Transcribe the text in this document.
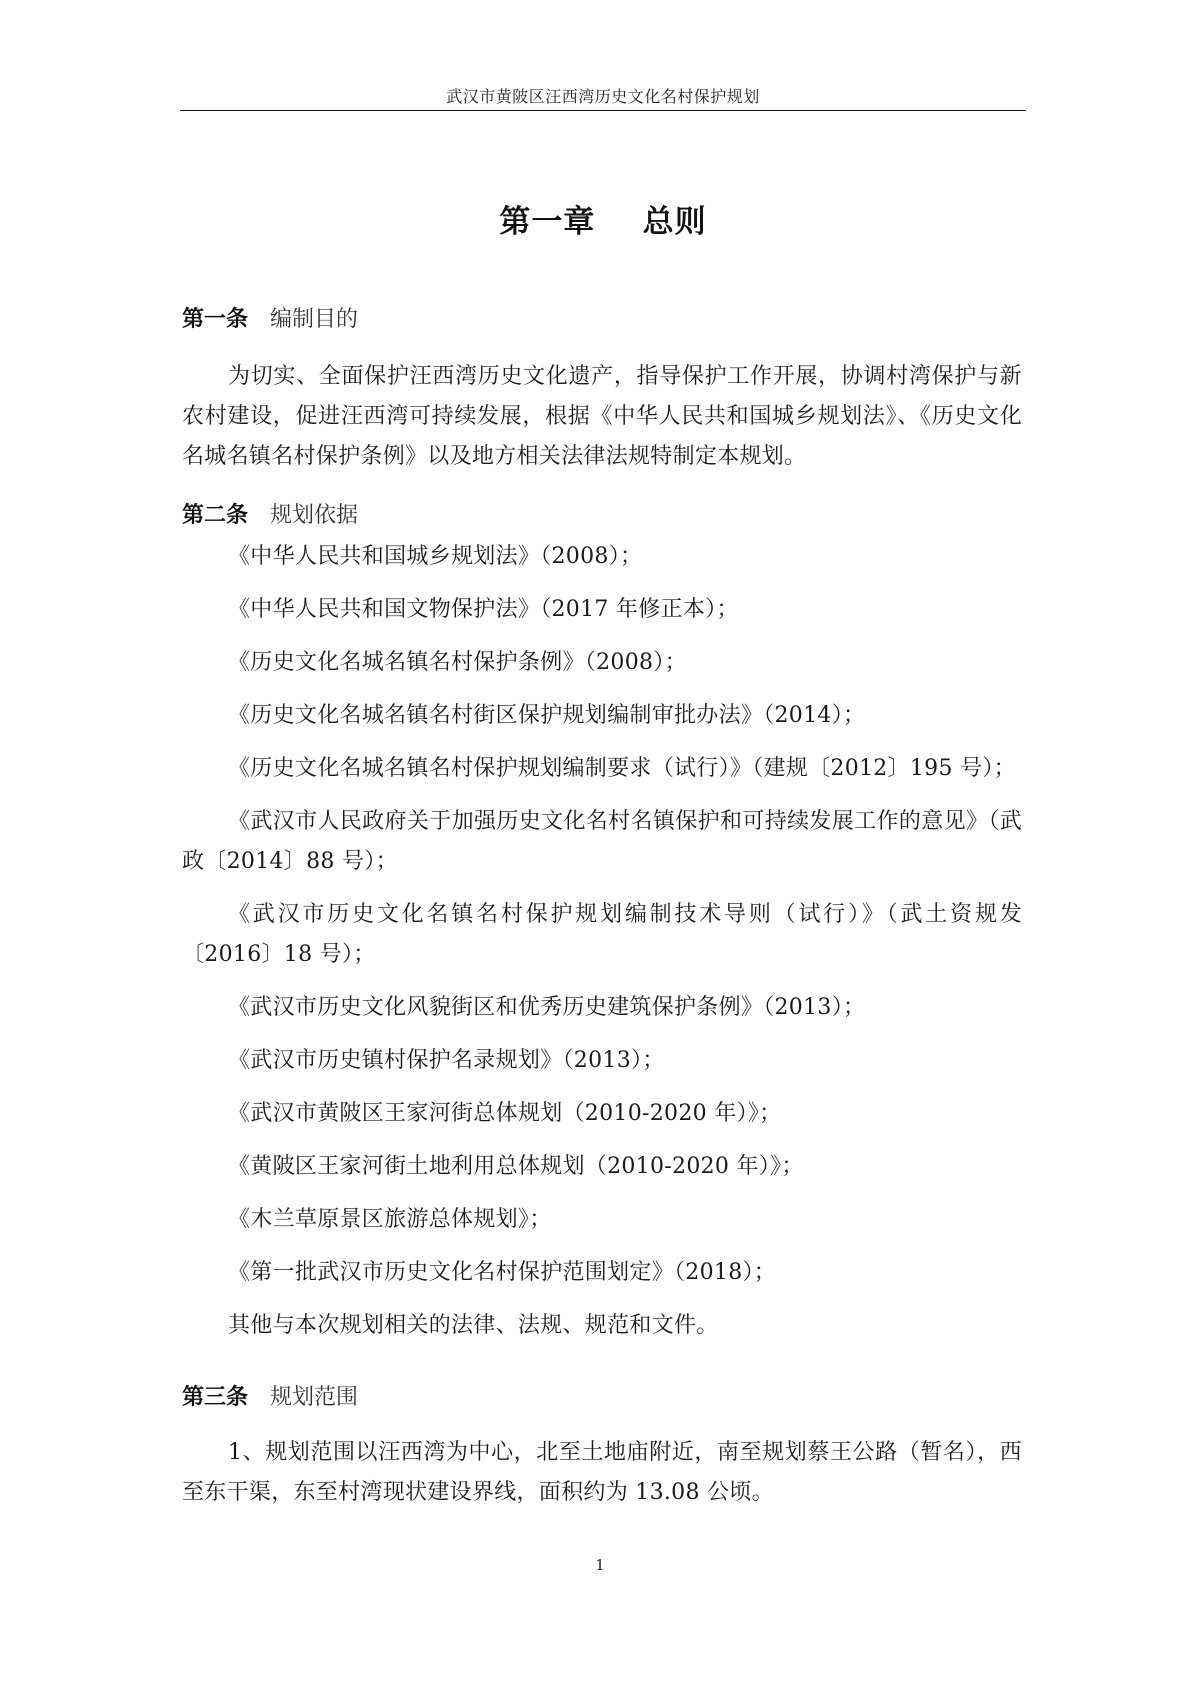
武汉市黄陂区汪西湾历史文化名村保护规划
第一章    总则
第一条 编制目的
为切实、全面保护汪西湾历史文化遗产，指导保护工作开展，协调村湾保护与新农村建设，促进汪西湾可持续发展，根据《中华人民共和国城乡规划法》、《历史文化名城名镇名村保护条例》以及地方相关法律法规特制定本规划。
第二条 规划依据
《中华人民共和国城乡规划法》（2008）；
《中华人民共和国文物保护法》（2017 年修正本）；
《历史文化名城名镇名村保护条例》（2008）；
《历史文化名城名镇名村街区保护规划编制审批办法》（2014）；
《历史文化名城名镇名村保护规划编制要求（试行）》（建规〔2012〕195 号）；
《武汉市人民政府关于加强历史文化名村名镇保护和可持续发展工作的意见》（武政〔2014〕88 号）；
《武汉市历史文化名镇名村保护规划编制技术导则（试行）》（武土资规发〔2016〕18 号）；
《武汉市历史文化风貌街区和优秀历史建筑保护条例》（2013）；
《武汉市历史镇村保护名录规划》（2013）；
《武汉市黄陂区王家河街总体规划（2010-2020 年）》；
《黄陂区王家河街土地利用总体规划（2010-2020 年）》；
《木兰草原景区旅游总体规划》；
《第一批武汉市历史文化名村保护范围划定》（2018）；
其他与本次规划相关的法律、法规、规范和文件。
第三条 规划范围
1、规划范围以汪西湾为中心，北至土地庙附近，南至规划蔡王公路（暂名），西至东干渠，东至村湾现状建设界线，面积约为 13.08 公顷。
1
